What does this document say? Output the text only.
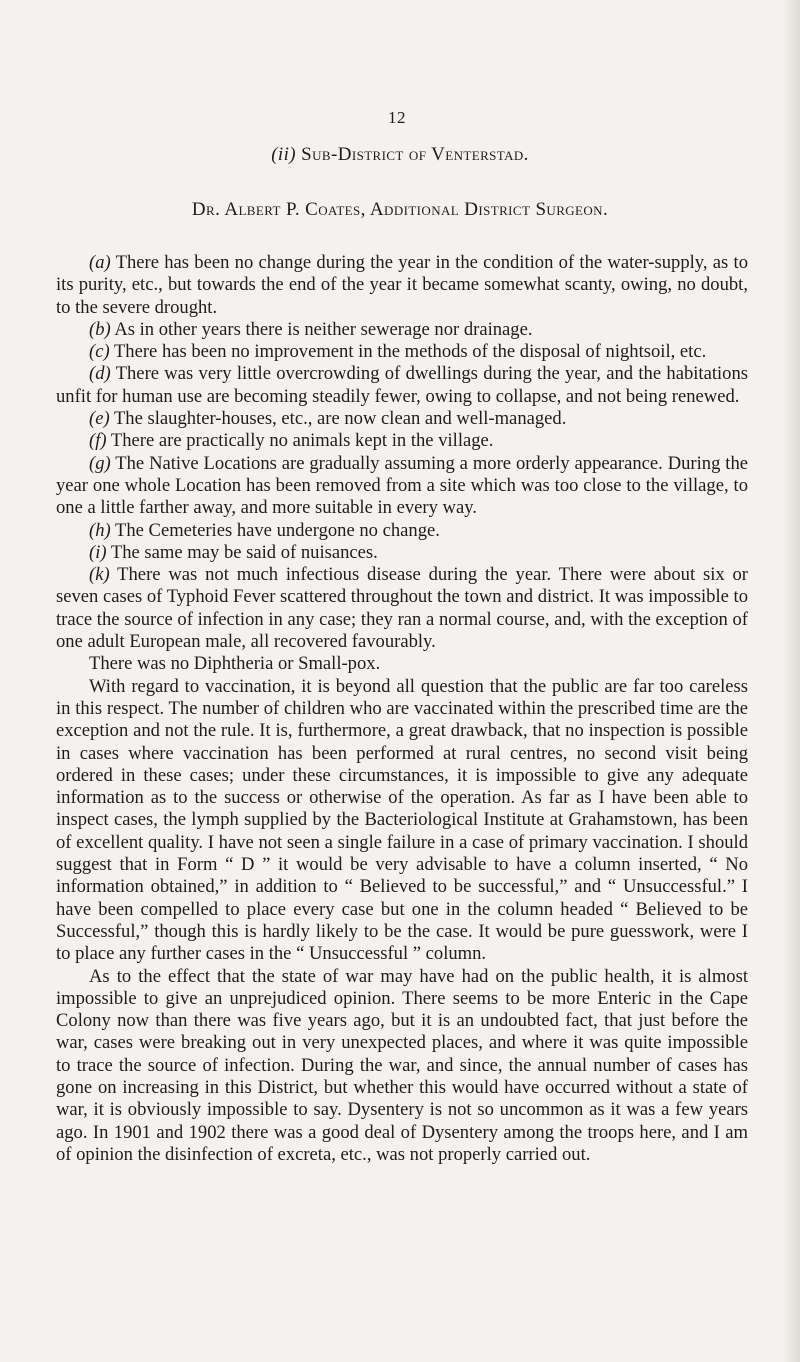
12
(ii) Sub-District of Venterstad.
Dr. Albert P. Coates, Additional District Surgeon.

(a) There has been no change during the year in the condition of the water-supply, as to its purity, etc., but towards the end of the year it became somewhat scanty, owing, no doubt, to the severe drought.

(b) As in other years there is neither sewerage nor drainage.

(c) There has been no improvement in the methods of the disposal of nightsoil, etc.

(d) There was very little overcrowding of dwellings during the year, and the habitations unfit for human use are becoming steadily fewer, owing to collapse, and not being renewed.

(e) The slaughter-houses, etc., are now clean and well-managed.

(f) There are practically no animals kept in the village.

(g) The Native Locations are gradually assuming a more orderly appearance. During the year one whole Location has been removed from a site which was too close to the village, to one a little farther away, and more suitable in every way.

(h) The Cemeteries have undergone no change.

(i) The same may be said of nuisances.

(k) There was not much infectious disease during the year. There were about six or seven cases of Typhoid Fever scattered throughout the town and district. It was impossible to trace the source of infection in any case; they ran a normal course, and, with the exception of one adult European male, all recovered favourably.

There was no Diphtheria or Small-pox.

With regard to vaccination, it is beyond all question that the public are far too careless in this respect. The number of children who are vaccinated within the prescribed time are the exception and not the rule. It is, furthermore, a great drawback, that no inspection is possible in cases where vaccination has been performed at rural centres, no second visit being ordered in these cases; under these circumstances, it is impossible to give any adequate information as to the success or otherwise of the operation. As far as I have been able to inspect cases, the lymph supplied by the Bacteriological Institute at Grahamstown, has been of excellent quality. I have not seen a single failure in a case of primary vaccination. I should suggest that in Form “ D ” it would be very advisable to have a column inserted, “ No information obtained,” in addition to “ Believed to be successful,” and “ Unsuccessful.” I have been compelled to place every case but one in the column headed “ Believed to be Successful,” though this is hardly likely to be the case. It would be pure guesswork, were I to place any further cases in the “ Unsuccessful ” column.

As to the effect that the state of war may have had on the public health, it is almost impossible to give an unprejudiced opinion. There seems to be more Enteric in the Cape Colony now than there was five years ago, but it is an undoubted fact, that just before the war, cases were breaking out in very unexpected places, and where it was quite impossible to trace the source of infection. During the war, and since, the annual number of cases has gone on increasing in this District, but whether this would have occurred without a state of war, it is obviously impossible to say. Dysentery is not so uncommon as it was a few years ago. In 1901 and 1902 there was a good deal of Dysentery among the troops here, and I am of opinion the disinfection of excreta, etc., was not properly carried out.
